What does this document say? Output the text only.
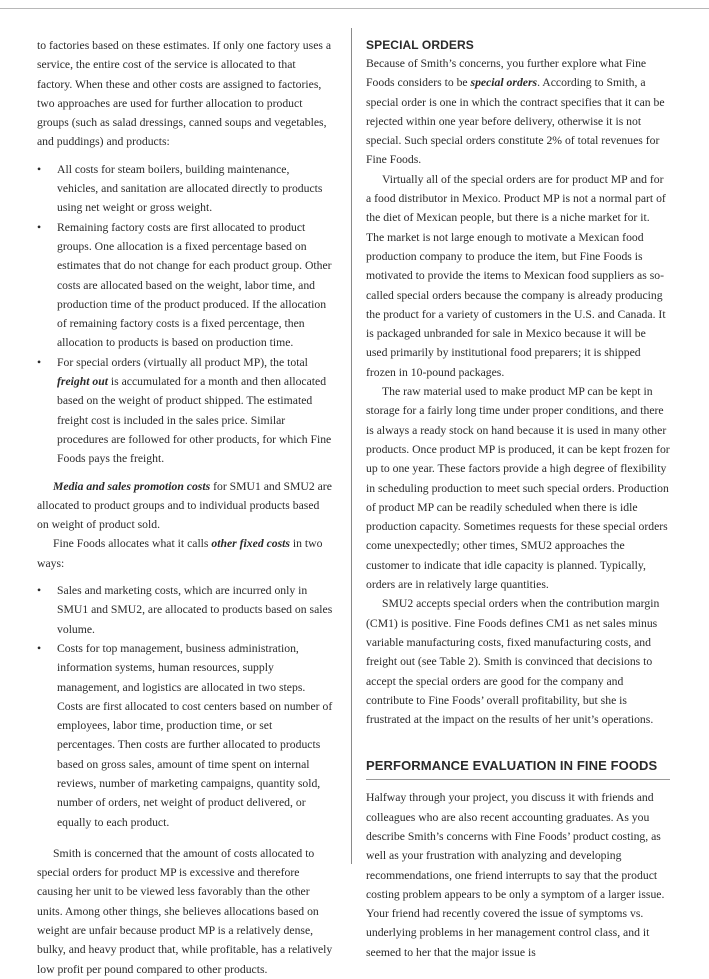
to factories based on these estimates. If only one factory uses a service, the entire cost of the service is allocated to that factory. When these and other costs are assigned to factories, two approaches are used for further allocation to product groups (such as salad dressings, canned soups and vegetables, and puddings) and products:

• All costs for steam boilers, building maintenance, vehicles, and sanitation are allocated directly to products using net weight or gross weight.
• Remaining factory costs are first allocated to product groups. One allocation is a fixed percentage based on estimates that do not change for each product group. Other costs are allocated based on the weight, labor time, and production time of the product produced. If the allocation of remaining factory costs is a fixed percentage, then allocation to products is based on production time.
• For special orders (virtually all product MP), the total freight out is accumulated for a month and then allocated based on the weight of product shipped. The estimated freight cost is included in the sales price. Similar procedures are followed for other products, for which Fine Foods pays the freight.

Media and sales promotion costs for SMU1 and SMU2 are allocated to product groups and to individual products based on weight of product sold.

Fine Foods allocates what it calls other fixed costs in two ways:

• Sales and marketing costs, which are incurred only in SMU1 and SMU2, are allocated to products based on sales volume.
• Costs for top management, business administration, information systems, human resources, supply management, and logistics are allocated in two steps. Costs are first allocated to cost centers based on number of employees, labor time, production time, or set percentages. Then costs are further allocated to products based on gross sales, amount of time spent on internal reviews, number of marketing campaigns, quantity sold, number of orders, net weight of product delivered, or equally to each product.

Smith is concerned that the amount of costs allocated to special orders for product MP is excessive and therefore causing her unit to be viewed less favorably than the other units. Among other things, she believes allocations based on weight are unfair because product MP is a relatively dense, bulky, and heavy product that, while profitable, has a relatively low profit per pound compared to other products.

SPECIAL ORDERS

Because of Smith’s concerns, you further explore what Fine Foods considers to be special orders. According to Smith, a special order is one in which the contract specifies that it can be rejected within one year before delivery, otherwise it is not special. Such special orders constitute 2% of total revenues for Fine Foods.

Virtually all of the special orders are for product MP and for a food distributor in Mexico. Product MP is not a normal part of the diet of Mexican people, but there is a niche market for it. The market is not large enough to motivate a Mexican food production company to produce the item, but Fine Foods is motivated to provide the items to Mexican food suppliers as so-called special orders because the company is already producing the product for a variety of customers in the U.S. and Canada. It is packaged unbranded for sale in Mexico because it will be used primarily by institutional food preparers; it is shipped frozen in 10-pound packages.

The raw material used to make product MP can be kept in storage for a fairly long time under proper conditions, and there is always a ready stock on hand because it is used in many other products. Once product MP is produced, it can be kept frozen for up to one year. These factors provide a high degree of flexibility in scheduling production to meet such special orders. Production of product MP can be readily scheduled when there is idle production capacity. Sometimes requests for these special orders come unexpectedly; other times, SMU2 approaches the customer to indicate that idle capacity is planned. Typically, orders are in relatively large quantities.

SMU2 accepts special orders when the contribution margin (CM1) is positive. Fine Foods defines CM1 as net sales minus variable manufacturing costs, fixed manufacturing costs, and freight out (see Table 2). Smith is convinced that decisions to accept the special orders are good for the company and contribute to Fine Foods’ overall profitability, but she is frustrated at the impact on the results of her unit’s operations.

PERFORMANCE EVALUATION IN FINE FOODS

Halfway through your project, you discuss it with friends and colleagues who are also recent accounting graduates. As you describe Smith’s concerns with Fine Foods’ product costing, as well as your frustration with analyzing and developing recommendations, one friend interrupts to say that the product costing problem appears to be only a symptom of a larger issue. Your friend had recently covered the issue of symptoms vs. underlying problems in her management control class, and it seemed to her that the major issue is
